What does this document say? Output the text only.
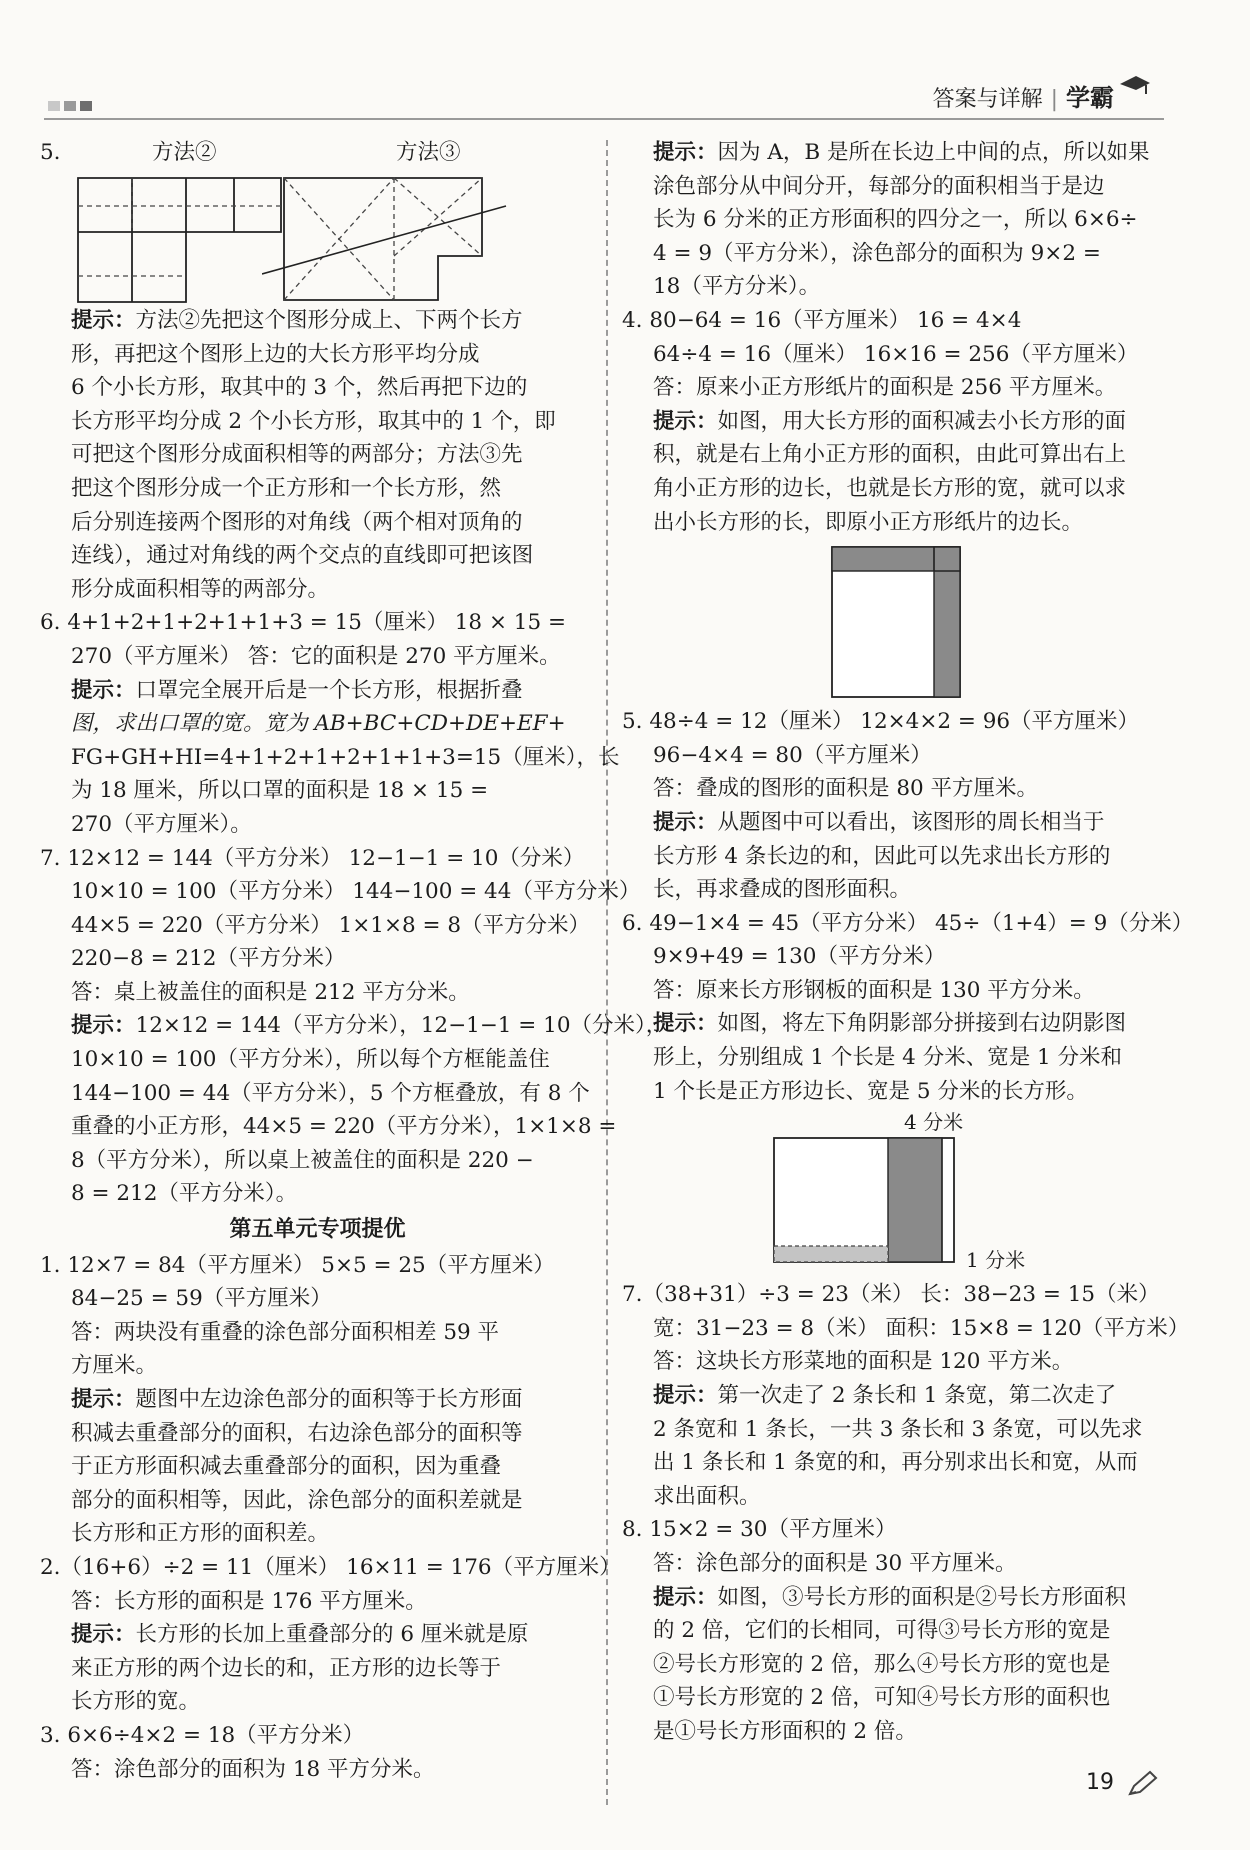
答案与详解 | 学霸
5.	方法②	方法③

提示：方法②先把这个图形分成上、下两个长方

形，再把这个图形上边的大长方形平均分成

6 个小长方形，取其中的 3 个，然后再把下边的

长方形平均分成 2 个小长方形，取其中的 1 个，即

可把这个图形分成面积相等的两部分；方法③先

把这个图形分成一个正方形和一个长方形，然

后分别连接两个图形的对角线（两个相对顶角的

连线），通过对角线的两个交点的直线即可把该图

形分成面积相等的两部分。

6. 4+1+2+1+2+1+1+3 = 15（厘米） 18 × 15 =

270（平方厘米） 答：它的面积是 270 平方厘米。

提示：口罩完全展开后是一个长方形，根据折叠

图，求出口罩的宽。宽为 AB+BC+CD+DE+EF+

FG+GH+HI=4+1+2+1+2+1+1+3=15（厘米），长

为 18 厘米，所以口罩的面积是 18 × 15 =

270（平方厘米）。

7. 12×12 = 144（平方分米） 12−1−1 = 10（分米）

10×10 = 100（平方分米） 144−100 = 44（平方分米）

44×5 = 220（平方分米） 1×1×8 = 8（平方分米）

220−8 = 212（平方分米）

答：桌上被盖住的面积是 212 平方分米。

提示：12×12 = 144（平方分米），12−1−1 = 10（分米），

10×10 = 100（平方分米），所以每个方框能盖住

144−100 = 44（平方分米），5 个方框叠放，有 8 个

重叠的小正方形，44×5 = 220（平方分米），1×1×8 =

8（平方分米），所以桌上被盖住的面积是 220 −

8 = 212（平方分米）。

第五单元专项提优

1. 12×7 = 84（平方厘米） 5×5 = 25（平方厘米）

84−25 = 59（平方厘米）

答：两块没有重叠的涂色部分面积相差 59 平

方厘米。

提示：题图中左边涂色部分的面积等于长方形面

积减去重叠部分的面积，右边涂色部分的面积等

于正方形面积减去重叠部分的面积，因为重叠

部分的面积相等，因此，涂色部分的面积差就是

长方形和正方形的面积差。

2.（16+6）÷2 = 11（厘米） 16×11 = 176（平方厘米）

答：长方形的面积是 176 平方厘米。

提示：长方形的长加上重叠部分的 6 厘米就是原

来正方形的两个边长的和，正方形的边长等于

长方形的宽。

3. 6×6÷4×2 = 18（平方分米）

答：涂色部分的面积为 18 平方分米。

提示：因为 A，B 是所在长边上中间的点，所以如果

涂色部分从中间分开，每部分的面积相当于是边

长为 6 分米的正方形面积的四分之一，所以 6×6÷

4 = 9（平方分米），涂色部分的面积为 9×2 =

18（平方分米）。

4. 80−64 = 16（平方厘米） 16 = 4×4

64÷4 = 16（厘米） 16×16 = 256（平方厘米）

答：原来小正方形纸片的面积是 256 平方厘米。

提示：如图，用大长方形的面积减去小长方形的面

积，就是右上角小正方形的面积，由此可算出右上

角小正方形的边长，也就是长方形的宽，就可以求

出小长方形的长，即原小正方形纸片的边长。

5. 48÷4 = 12（厘米） 12×4×2 = 96（平方厘米）

96−4×4 = 80（平方厘米）

答：叠成的图形的面积是 80 平方厘米。

提示：从题图中可以看出，该图形的周长相当于

长方形 4 条长边的和，因此可以先求出长方形的

长，再求叠成的图形面积。

6. 49−1×4 = 45（平方分米） 45÷（1+4）= 9（分米）

9×9+49 = 130（平方分米）

答：原来长方形钢板的面积是 130 平方分米。

提示：如图，将左下角阴影部分拼接到右边阴影图

形上，分别组成 1 个长是 4 分米、宽是 1 分米和

1 个长是正方形边长、宽是 5 分米的长方形。

4 分米
1 分米

7.（38+31）÷3 = 23（米） 长：38−23 = 15（米）

宽：31−23 = 8（米） 面积：15×8 = 120（平方米）

答：这块长方形菜地的面积是 120 平方米。

提示：第一次走了 2 条长和 1 条宽，第二次走了

2 条宽和 1 条长，一共 3 条长和 3 条宽，可以先求

出 1 条长和 1 条宽的和，再分别求出长和宽，从而

求出面积。

8. 15×2 = 30（平方厘米）

答：涂色部分的面积是 30 平方厘米。

提示：如图，③号长方形的面积是②号长方形面积

的 2 倍，它们的长相同，可得③号长方形的宽是

②号长方形宽的 2 倍，那么④号长方形的宽也是

①号长方形宽的 2 倍，可知④号长方形的面积也

是①号长方形面积的 2 倍。

19
